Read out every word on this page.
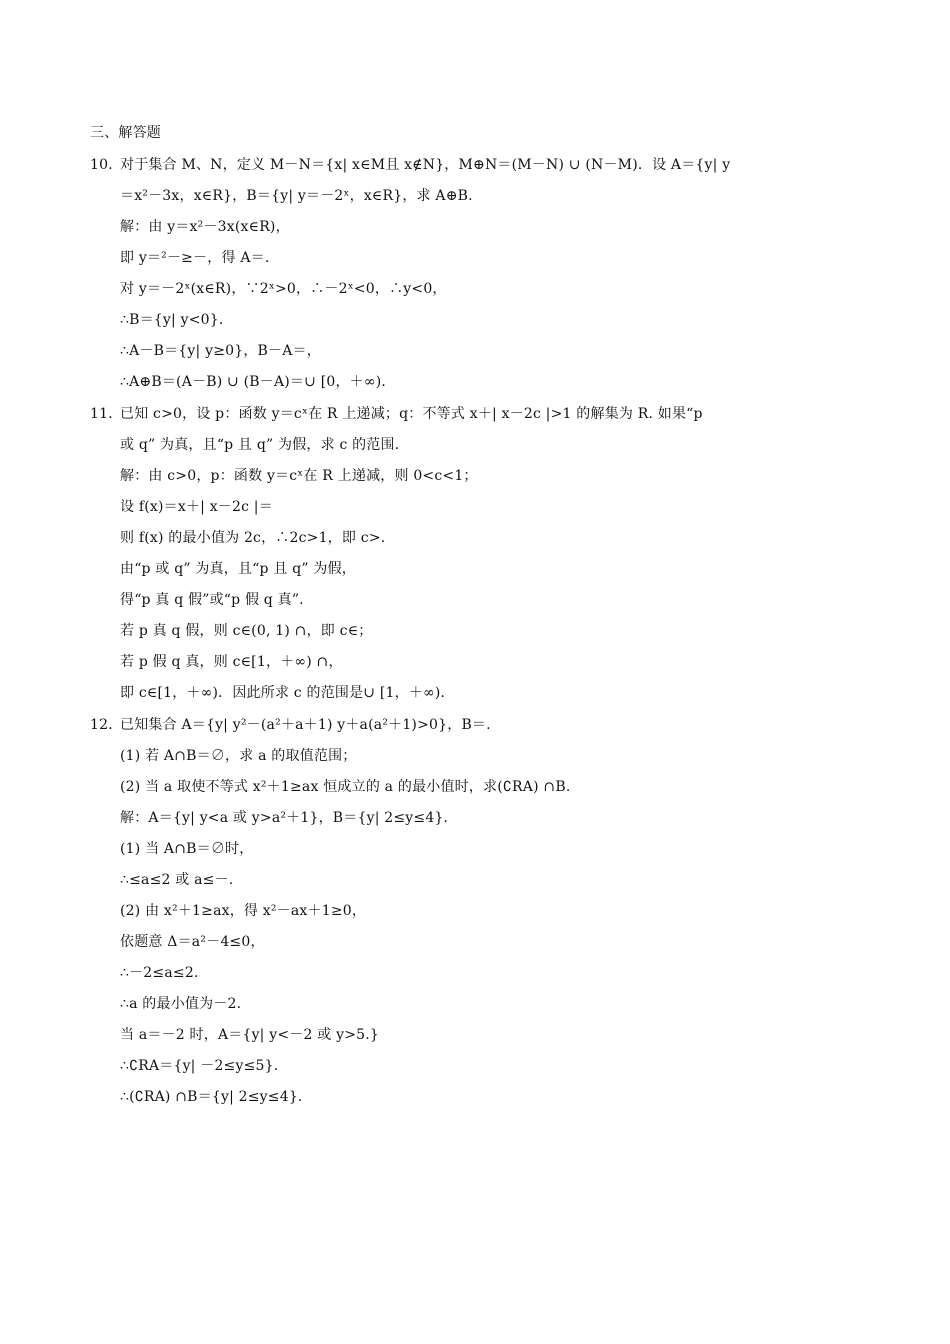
三、解答题
10．
对于集合 M、N，定义 M－N＝{x| x∈M且 x∉N}，M⊕N＝(M－N) ∪ (N－M)．设 A＝{y| y
＝x²－3x，x∈R}，B＝{y| y＝－2ˣ，x∈R}，求 A⊕B.
解：由 y＝x²－3x(x∈R)，
即 y＝²－≥－，得 A＝.
对 y＝－2ˣ(x∈R)，∵2ˣ>0，∴－2ˣ<0，∴y<0，
∴B＝{y| y<0}．
∴A－B＝{y| y≥0}，B－A＝，
∴A⊕B＝(A－B) ∪ (B－A)＝∪ [0，＋∞)．
11．
已知 c>0，设 p：函数 y＝cˣ在 R 上递减；q：不等式 x＋| x－2c |>1 的解集为 R. 如果“p
或 q” 为真，且“p 且 q” 为假，求 c 的范围．
解：由 c>0，p：函数 y＝cˣ在 R 上递减，则 0<c<1；
设 f(x)＝x＋| x－2c |＝
则 f(x) 的最小值为 2c，∴2c>1，即 c>.
由“p 或 q” 为真，且“p 且 q” 为假，
得“p 真 q 假”或“p 假 q 真”.
若 p 真 q 假，则 c∈(0, 1) ∩，即 c∈；
若 p 假 q 真，则 c∈[1，＋∞) ∩，
即 c∈[1，＋∞)．因此所求 c 的范围是∪ [1，＋∞)．
12．
已知集合 A＝{y| y²－(a²＋a＋1) y＋a(a²＋1)>0}，B＝.
(1) 若 A∩B＝∅，求 a 的取值范围；
(2) 当 a 取使不等式 x²＋1≥ax 恒成立的 a 的最小值时，求(∁RA) ∩B.
解：A＝{y| y<a 或 y>a²＋1}，B＝{y| 2≤y≤4}．
(1) 当 A∩B＝∅时，
∴≤a≤2 或 a≤－.
(2) 由 x²＋1≥ax，得 x²－ax＋1≥0，
依题意 Δ＝a²－4≤0，
∴－2≤a≤2.
∴a 的最小值为－2.
当 a＝－2 时，A＝{y| y<－2 或 y>5.}
∴∁RA＝{y| －2≤y≤5}．
∴(∁RA) ∩B＝{y| 2≤y≤4}．
